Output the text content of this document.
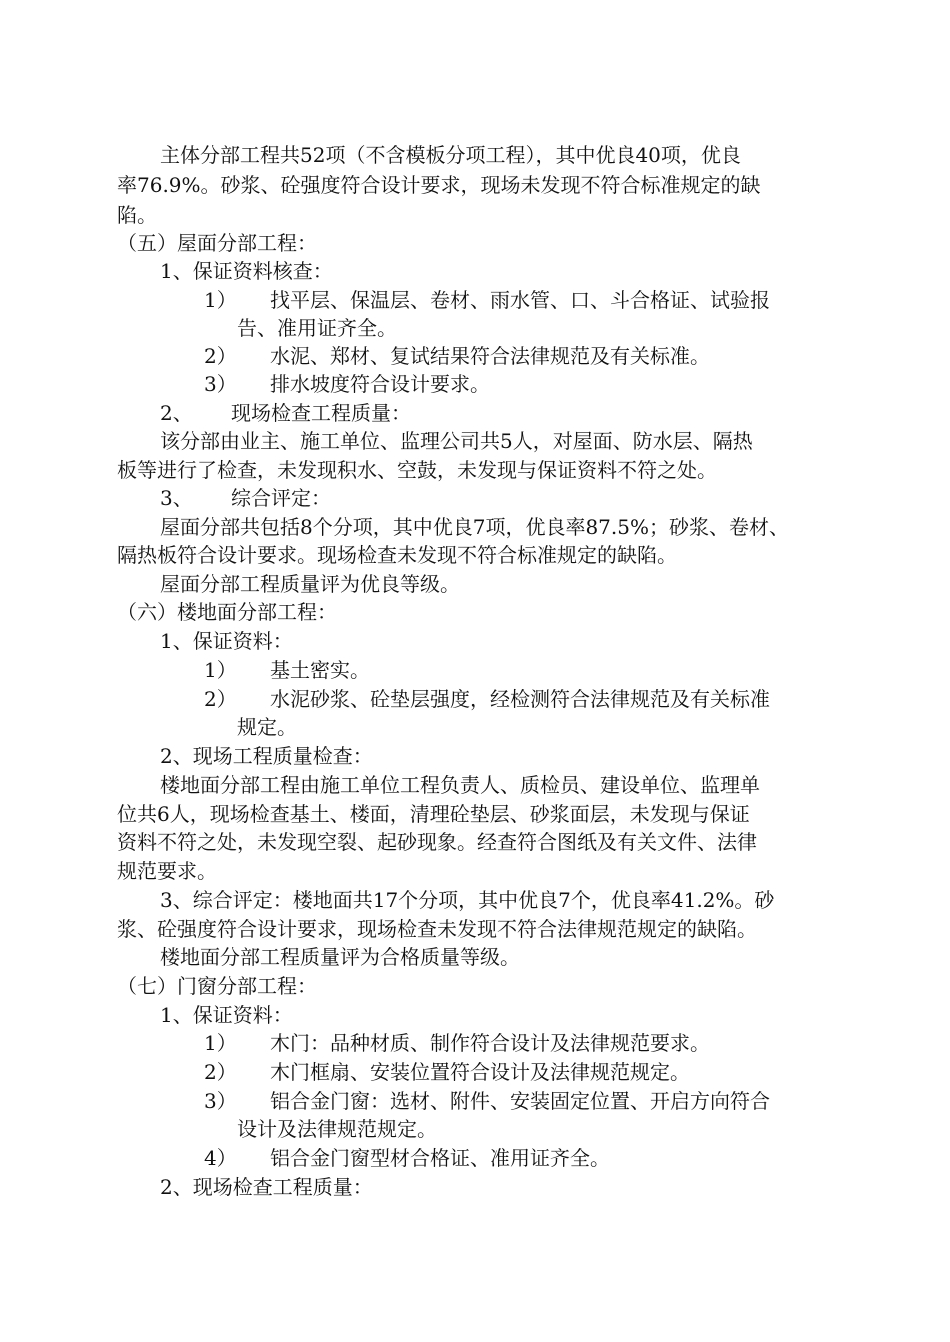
主体分部工程共52项（不含模板分项工程），其中优良40项，优良
率76.9%。砂浆、砼强度符合设计要求，现场未发现不符合标准规定的缺
陷。
（五）屋面分部工程：
1、保证资料核查：
1） 找平层、保温层、卷材、雨水管、口、斗合格证、试验报
告、准用证齐全。
2） 水泥、郑材、复试结果符合法律规范及有关标准。
3） 排水坡度符合设计要求。
2、 现场检查工程质量：
该分部由业主、施工单位、监理公司共5人，对屋面、防水层、隔热
板等进行了检查，未发现积水、空鼓，未发现与保证资料不符之处。
3、 综合评定：
屋面分部共包括8个分项，其中优良7项，优良率87.5%；砂浆、卷材、
隔热板符合设计要求。现场检查未发现不符合标准规定的缺陷。
屋面分部工程质量评为优良等级。
（六）楼地面分部工程：
1、保证资料：
1） 基土密实。
2） 水泥砂浆、砼垫层强度，经检测符合法律规范及有关标准
规定。
2、现场工程质量检查：
楼地面分部工程由施工单位工程负责人、质检员、建设单位、监理单
位共6人，现场检查基土、楼面，清理砼垫层、砂浆面层，未发现与保证
资料不符之处，未发现空裂、起砂现象。经查符合图纸及有关文件、法律
规范要求。
3、综合评定：楼地面共17个分项，其中优良7个，优良率41.2%。砂
浆、砼强度符合设计要求，现场检查未发现不符合法律规范规定的缺陷。
楼地面分部工程质量评为合格质量等级。
（七）门窗分部工程：
1、保证资料：
1） 木门：品种材质、制作符合设计及法律规范要求。
2） 木门框扇、安装位置符合设计及法律规范规定。
3） 铝合金门窗：选材、附件、安装固定位置、开启方向符合
设计及法律规范规定。
4） 铝合金门窗型材合格证、准用证齐全。
2、现场检查工程质量：
